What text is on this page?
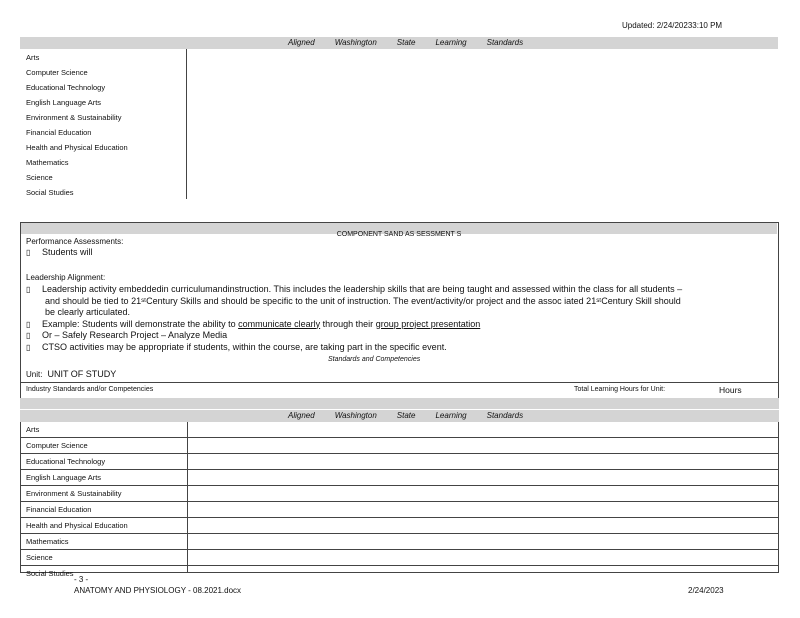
Updated: 2/24/20233:10 PM
Aligned	Washington	State	Learning	Standards
Arts
Computer Science
Educational Technology
English Language Arts
Environment & Sustainability
Financial Education
Health and Physical Education
Mathematics
Science
Social Studies
COMPONENT SAND AS SESSMENT S
Performance Assessments:
▯ Students will
Leadership Alignment:
▯ Leadership activity embeddedin curriculumandinstruction. This includes the leadership skills that are being taught and assessed within the class for all students –
and should be tied to 21ˢᵗCentury Skills and should be specific to the unit of instruction. The event/activity/or project and the assoc iated 21ˢᵗCentury Skill should
be clearly articulated.
▯ Example: Students will demonstrate the ability to communicate clearly through their group project presentation
▯ Or – Safely Research Project – Analyze Media
▯ CTSO activities may be appropriate if students, within the course, are taking part in the specific event.
Standards and Competencies
Unit: UNIT OF STUDY
Industry Standards and/or Competencies	Total Learning Hours for Unit:	Hours
Aligned	Washington	State	Learning	Standards
Arts
Computer Science
Educational Technology
English Language Arts
Environment & Sustainability
Financial Education
Health and Physical Education
Mathematics
Science
Social Studies
- 3 -
ANATOMY AND PHYSIOLOGY - 08.2021.docx	2/24/2023
